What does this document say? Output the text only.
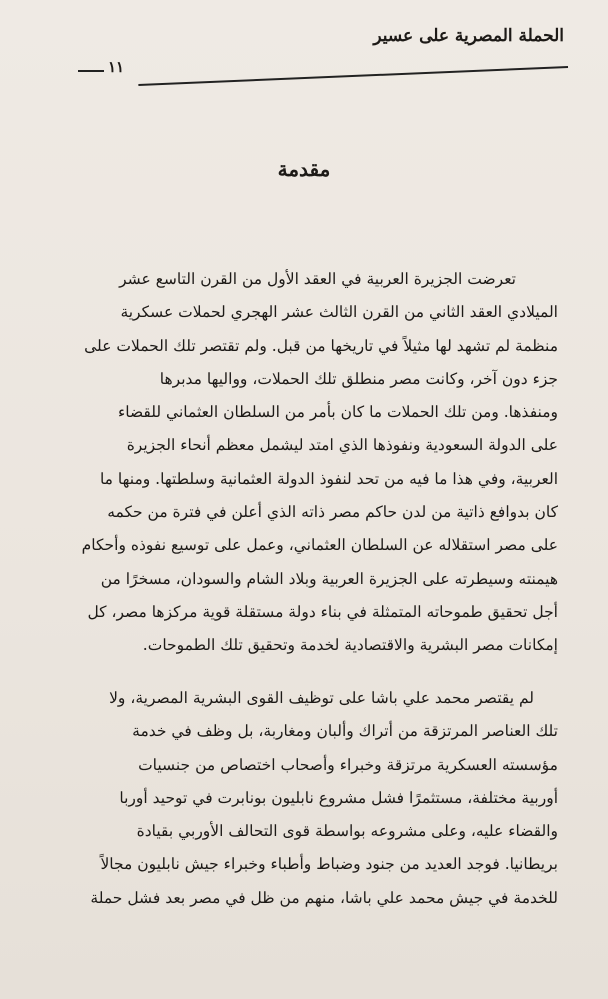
الحملة المصرية على عسير
١١
مقدمة
تعرضت الجزيرة العربية في العقد الأول من القرن التاسع عشر
الميلادي العقد الثاني من القرن الثالث عشر الهجري لحملات عسكرية
منظمة لم تشهد لها مثيلاً في تاريخها من قبل. ولم تقتصر تلك الحملات على
جزء دون آخر، وكانت مصر منطلق تلك الحملات، وواليها مدبرها
ومنفذها. ومن تلك الحملات ما كان بأمر من السلطان العثماني للقضاء
على الدولة السعودية ونفوذها الذي امتد ليشمل معظم أنحاء الجزيرة
العربية، وفي هذا ما فيه من تحد لنفوذ الدولة العثمانية وسلطتها. ومنها ما
كان بدوافع ذاتية من لدن حاكم مصر ذاته الذي أعلن في فترة من حكمه
على مصر استقلاله عن السلطان العثماني، وعمل على توسيع نفوذه وأحكام
هيمنته وسيطرته على الجزيرة العربية وبلاد الشام والسودان، مسخرًا من
أجل تحقيق طموحاته المتمثلة في بناء دولة مستقلة قوية مركزها مصر، كل
إمكانات مصر البشرية والاقتصادية لخدمة وتحقيق تلك الطموحات.
لم يقتصر محمد علي باشا على توظيف القوى البشرية المصرية، ولا
تلك العناصر المرتزقة من أتراك وألبان ومغاربة، بل وظف في خدمة
مؤسسته العسكرية مرتزقة وخبراء وأصحاب اختصاص من جنسيات
أوربية مختلفة، مستثمرًا فشل مشروع نابليون بونابرت في توحيد أوربا
والقضاء عليه، وعلى مشروعه بواسطة قوى التحالف الأوربي بقيادة
بريطانيا. فوجد العديد من جنود وضباط وأطباء وخبراء جيش نابليون مجالاً
للخدمة في جيش محمد علي باشا، منهم من ظل في مصر بعد فشل حملة
